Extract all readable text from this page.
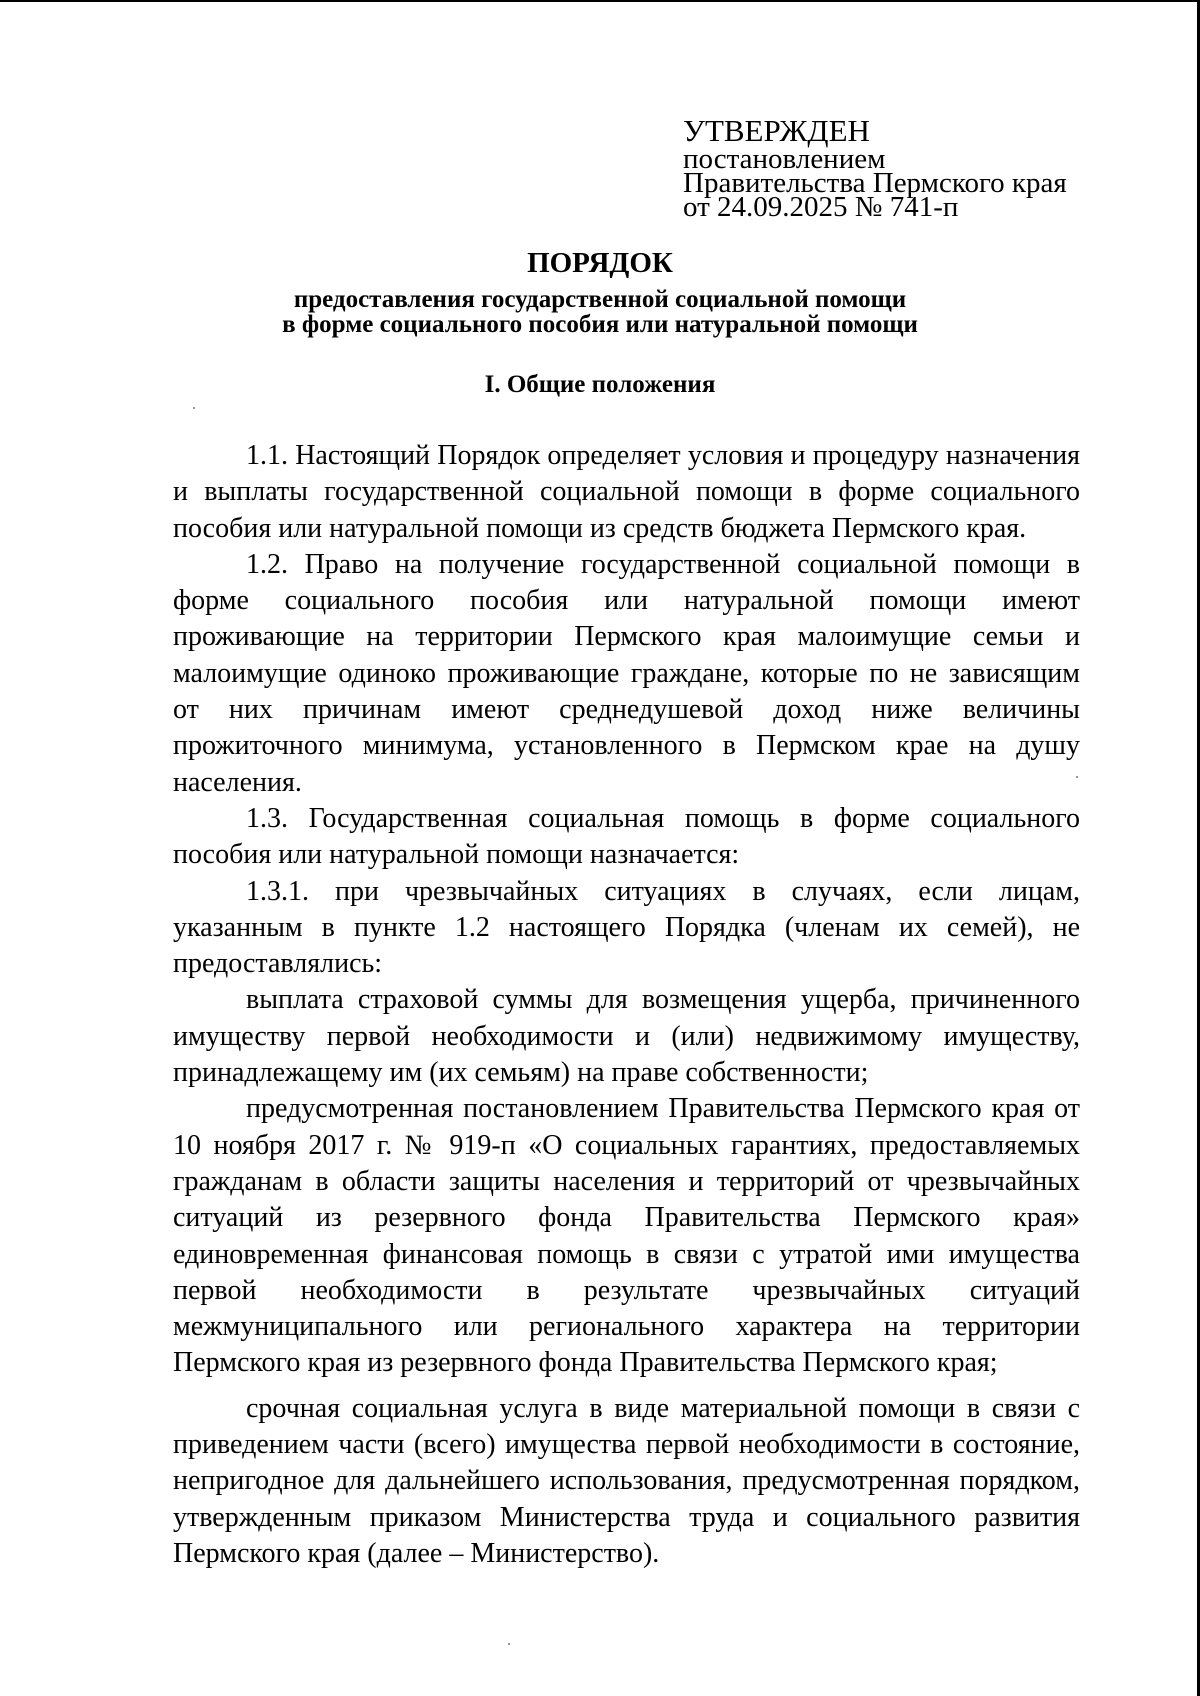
УТВЕРЖДЕН
постановлением
Правительства Пермского края
от 24.09.2025 № 741-п
ПОРЯДОК
предоставления государственной социальной помощи
в форме социального пособия или натуральной помощи
I. Общие положения

1.1. Настоящий Порядок определяет условия и процедуру назначения и выплаты государственной социальной помощи в форме социального пособия или натуральной помощи из средств бюджета Пермского края.

1.2. Право на получение государственной социальной помощи в форме социального пособия или натуральной помощи имеют проживающие на территории Пермского края малоимущие семьи и малоимущие одиноко проживающие граждане, которые по не зависящим от них причинам имеют среднедушевой доход ниже величины прожиточного минимума, установленного в Пермском крае на душу населения.

1.3. Государственная социальная помощь в форме социального пособия или натуральной помощи назначается:

1.3.1. при чрезвычайных ситуациях в случаях, если лицам, указанным в пункте 1.2 настоящего Порядка (членам их семей), не предоставлялись:

выплата страховой суммы для возмещения ущерба, причиненного имуществу первой необходимости и (или) недвижимому имуществу, принадлежащему им (их семьям) на праве собственности;

предусмотренная постановлением Правительства Пермского края от 10 ноября 2017 г. № 919-п «О социальных гарантиях, предоставляемых гражданам в области защиты населения и территорий от чрезвычайных ситуаций из резервного фонда Правительства Пермского края» единовременная финансовая помощь в связи с утратой ими имущества первой необходимости в результате чрезвычайных ситуаций межмуниципального или регионального характера на территории Пермского края из резервного фонда Правительства Пермского края;

срочная социальная услуга в виде материальной помощи в связи с приведением части (всего) имущества первой необходимости в состояние, непригодное для дальнейшего использования, предусмотренная порядком, утвержденным приказом Министерства труда и социального развития Пермского края (далее – Министерство).
